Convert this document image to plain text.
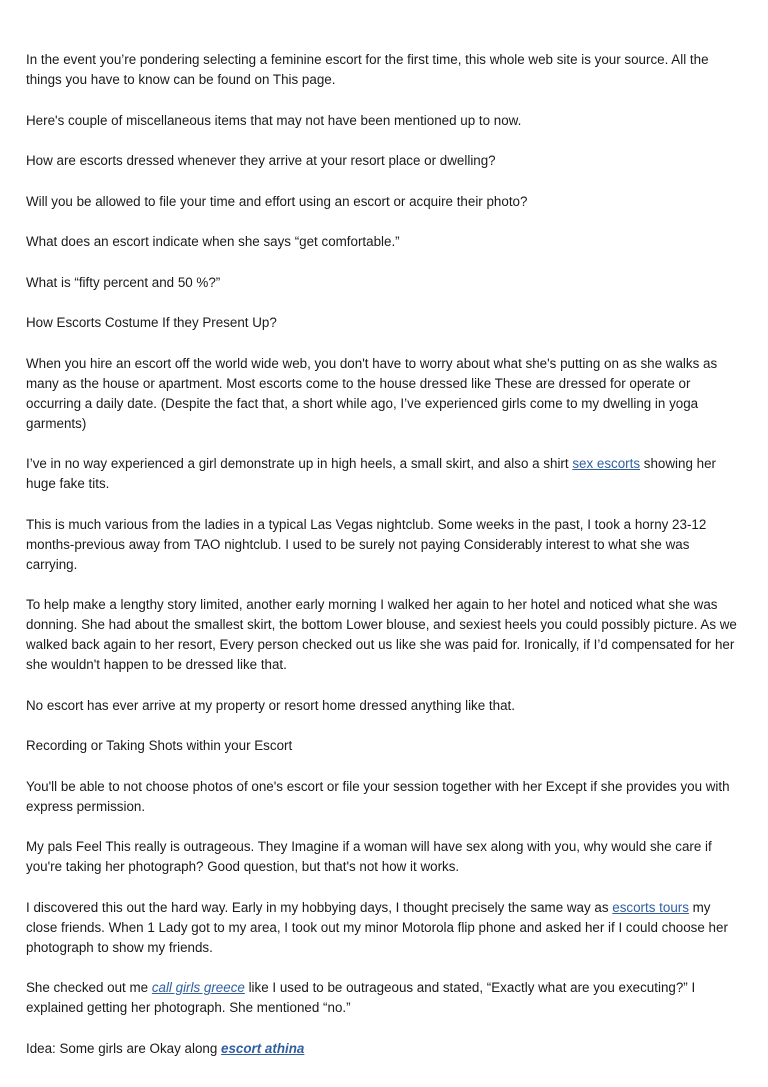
In the event you’re pondering selecting a feminine escort for the first time, this whole web site is your source. All the things you have to know can be found on This page.

Here's couple of miscellaneous items that may not have been mentioned up to now.

How are escorts dressed whenever they arrive at your resort place or dwelling?

Will you be allowed to file your time and effort using an escort or acquire their photo?

What does an escort indicate when she says “get comfortable.”

What is “fifty percent and 50 %?”

How Escorts Costume If they Present Up?

When you hire an escort off the world wide web, you don't have to worry about what she's putting on as she walks as many as the house or apartment. Most escorts come to the house dressed like These are dressed for operate or occurring a daily date. (Despite the fact that, a short while ago, I’ve experienced girls come to my dwelling in yoga garments)

I’ve in no way experienced a girl demonstrate up in high heels, a small skirt, and also a shirt sex escorts showing her huge fake tits.

This is much various from the ladies in a typical Las Vegas nightclub. Some weeks in the past, I took a horny 23-12 months-previous away from TAO nightclub. I used to be surely not paying Considerably interest to what she was carrying.

To help make a lengthy story limited, another early morning I walked her again to her hotel and noticed what she was donning. She had about the smallest skirt, the bottom Lower blouse, and sexiest heels you could possibly picture. As we walked back again to her resort, Every person checked out us like she was paid for. Ironically, if I’d compensated for her she wouldn't happen to be dressed like that.

No escort has ever arrive at my property or resort home dressed anything like that.

Recording or Taking Shots within your Escort

You'll be able to not choose photos of one's escort or file your session together with her Except if she provides you with express permission.

My pals Feel This really is outrageous. They Imagine if a woman will have sex along with you, why would she care if you're taking her photograph? Good question, but that's not how it works.

I discovered this out the hard way. Early in my hobbying days, I thought precisely the same way as escorts tours my close friends. When 1 Lady got to my area, I took out my minor Motorola flip phone and asked her if I could choose her photograph to show my friends.

She checked out me call girls greece like I used to be outrageous and stated, “Exactly what are you executing?” I explained getting her photograph. She mentioned “no.”

Idea: Some girls are Okay along escort athina
